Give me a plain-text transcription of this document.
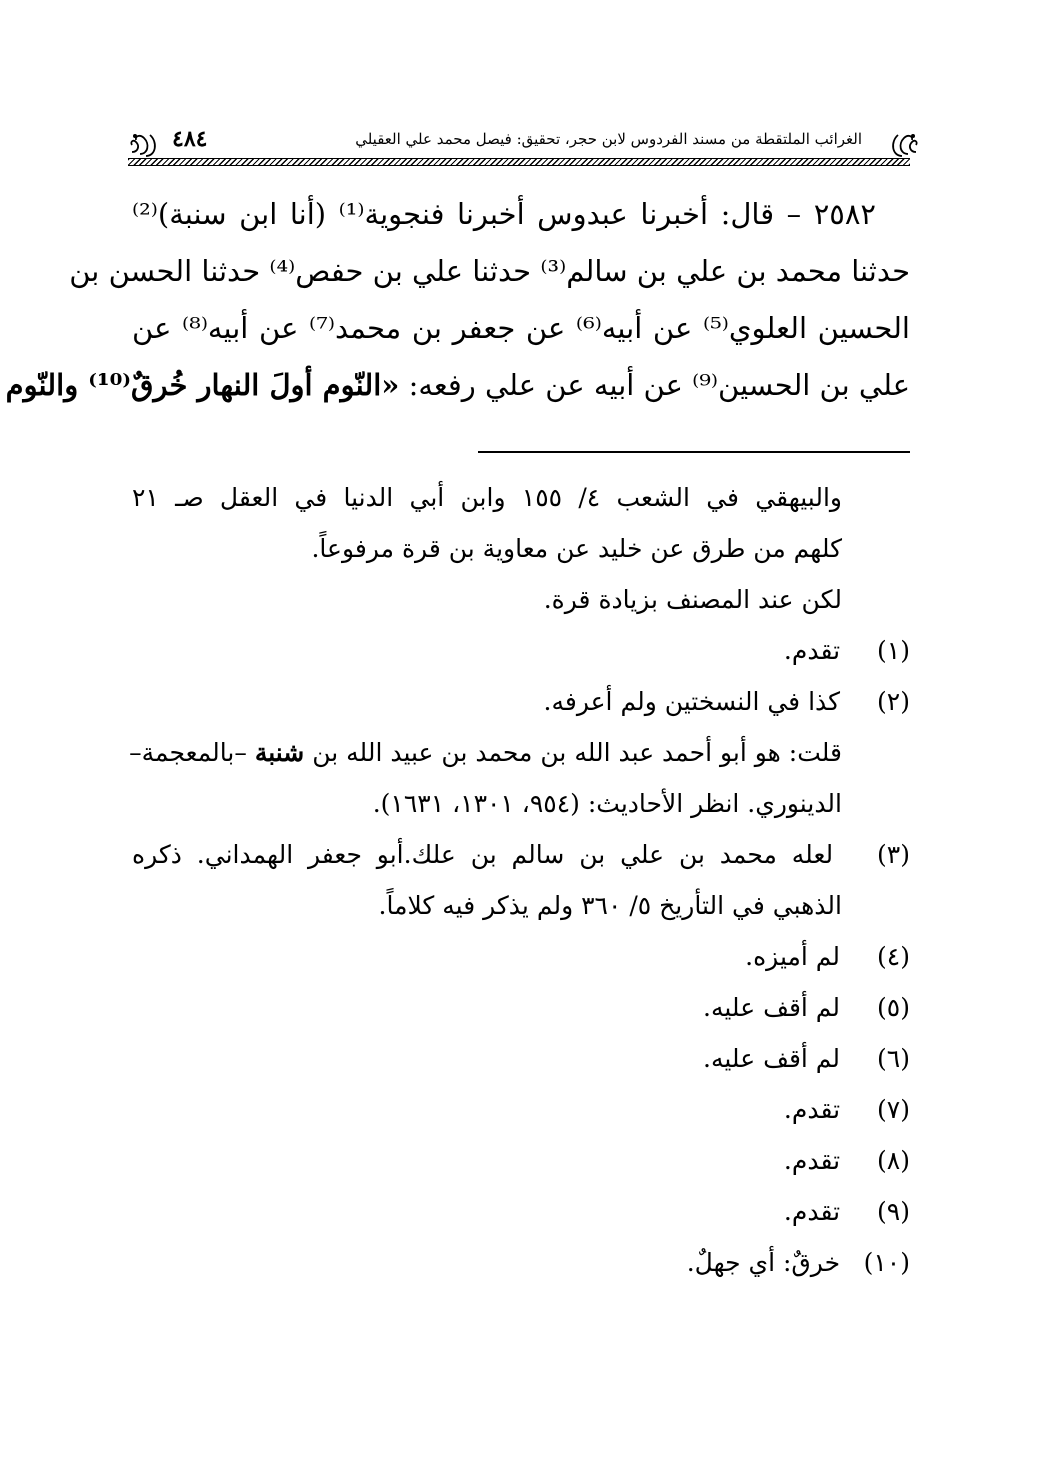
الغرائب الملتقطة من مسند الفردوس لابن حجر، تحقيق: فيصل محمد علي العقيلي
٤٨٤
٢٥٨٢ – قال: أخبرنا عبدوس أخبرنا فنجوية⁽¹⁾ (أنا ابن سنبة)⁽²⁾
حدثنا محمد بن علي بن سالم⁽³⁾ حدثنا علي بن حفص⁽⁴⁾ حدثنا الحسن بن
الحسين العلوي⁽⁵⁾ عن أبيه⁽⁶⁾ عن جعفر بن محمد⁽⁷⁾ عن أبيه⁽⁸⁾ عن
علي بن الحسين⁽⁹⁾ عن أبيه عن علي رفعه: «النّوم أولَ النهار خُرقٌ⁽¹⁰⁾ والنّوم
والبيهقي في الشعب ٤/ ١٥٥ وابن أبي الدنيا في العقل صـ ٢١
كلهم من طرق عن خليد عن معاوية بن قرة مرفوعاً.
لكن عند المصنف بزيادة قرة.
(١) تقدم.
(٢) كذا في النسختين ولم أعرفه.
قلت: هو أبو أحمد عبد الله بن محمد بن عبيد الله بن شنبة –بالمعجمة–
الدينوري. انظر الأحاديث: (٩٥٤، ١٣٠١، ١٦٣١).
(٣) لعله محمد بن علي بن سالم بن علك.أبو جعفر الهمداني. ذكره
الذهبي في التأريخ ٥/ ٣٦٠ ولم يذكر فيه كلاماً.
(٤) لم أميزه.
(٥) لم أقف عليه.
(٦) لم أقف عليه.
(٧) تقدم.
(٨) تقدم.
(٩) تقدم.
(١٠) خرقٌ: أي جهلٌ.
